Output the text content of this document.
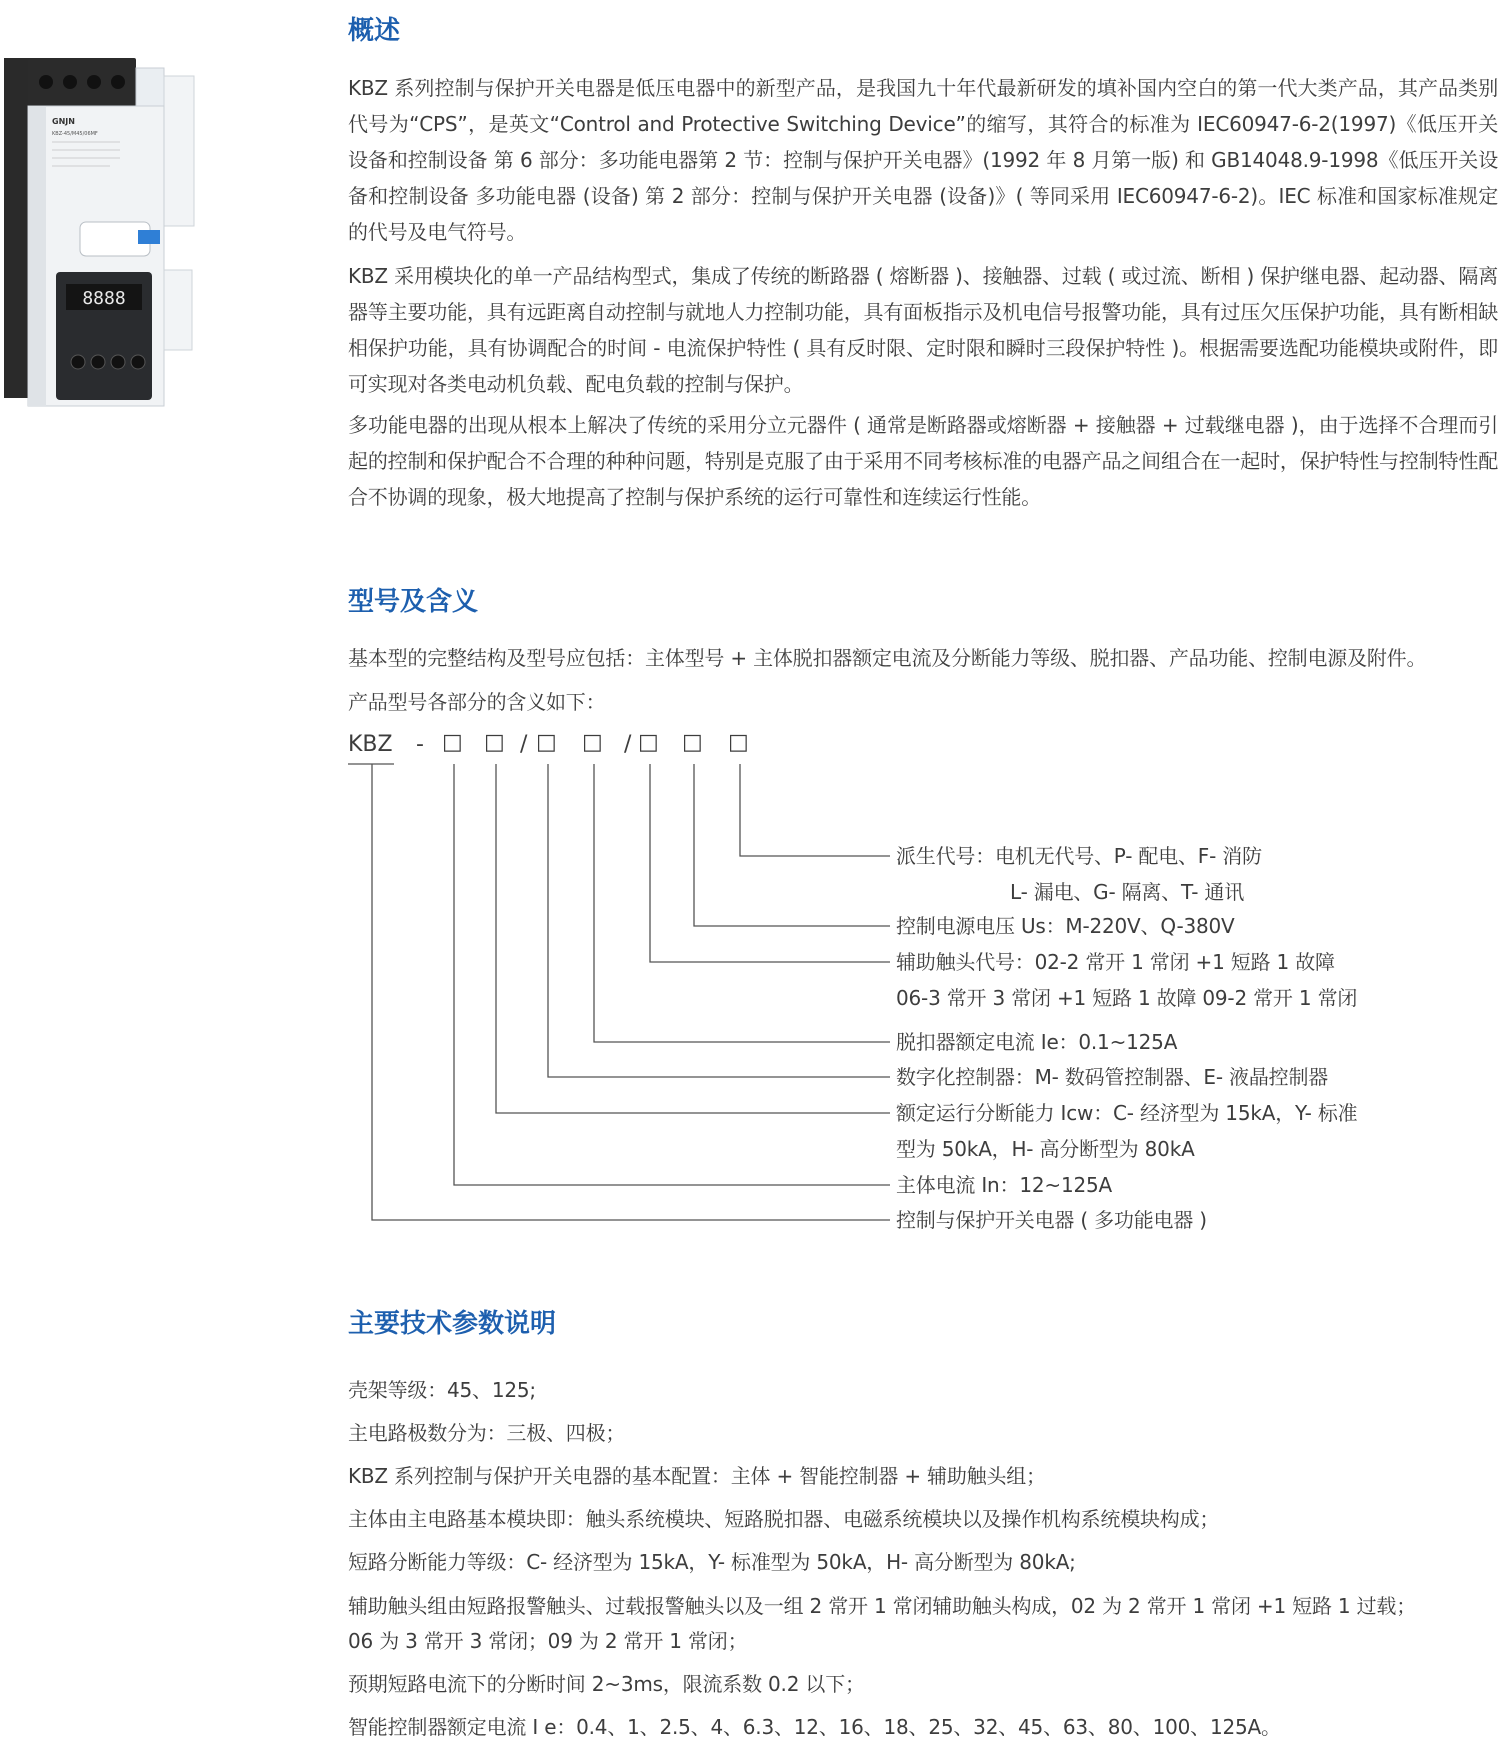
GNJN
KBZ-45/M45/06MF
8888
概述

KBZ 系列控制与保护开关电器是低压电器中的新型产品，是我国九十年代最新研发的填补国内空白的第一代大类产品，其产品类别代号为“CPS”，是英文“Control and Protective Switching Device”的缩写，其符合的标准为 IEC60947-6-2(1997)《低压开关设备和控制设备 第 6 部分：多功能电器第 2 节：控制与保护开关电器》(1992 年 8 月第一版) 和 GB14048.9-1998《低压开关设备和控制设备 多功能电器 (设备) 第 2 部分：控制与保护开关电器 (设备)》( 等同采用 IEC60947-6-2)。IEC 标准和国家标准规定的代号及电气符号。

KBZ 采用模块化的单一产品结构型式，集成了传统的断路器 ( 熔断器 )、接触器、过载 ( 或过流、断相 ) 保护继电器、起动器、隔离器等主要功能，具有远距离自动控制与就地人力控制功能，具有面板指示及机电信号报警功能，具有过压欠压保护功能，具有断相缺相保护功能，具有协调配合的时间 - 电流保护特性 ( 具有反时限、定时限和瞬时三段保护特性 )。根据需要选配功能模块或附件，即可实现对各类电动机负载、配电负载的控制与保护。

多功能电器的出现从根本上解决了传统的采用分立元器件 ( 通常是断路器或熔断器 + 接触器 + 过载继电器 )，由于选择不合理而引起的控制和保护配合不合理的种种问题，特别是克服了由于采用不同考核标准的电器产品之间组合在一起时，保护特性与控制特性配合不协调的现象，极大地提高了控制与保护系统的运行可靠性和连续运行性能。

型号及含义

基本型的完整结构及型号应包括：主体型号 + 主体脱扣器额定电流及分断能力等级、脱扣器、产品功能、控制电源及附件。

产品型号各部分的含义如下：

主要技术参数说明

壳架等级：45、125;

主电路极数分为：三极、四极；

KBZ 系列控制与保护开关电器的基本配置：主体 + 智能控制器 + 辅助触头组；

主体由主电路基本模块即：触头系统模块、短路脱扣器、电磁系统模块以及操作机构系统模块构成；

短路分断能力等级：C- 经济型为 15kA，Y- 标准型为 50kA，H- 高分断型为 80kA;

辅助触头组由短路报警触头、过载报警触头以及一组 2 常开 1 常闭辅助触头构成，02 为 2 常开 1 常闭 +1 短路 1 过载；

06 为 3 常开 3 常闭；09 为 2 常开 1 常闭；

预期短路电流下的分断时间 2~3ms，限流系数 0.2 以下；

智能控制器额定电流 I e：0.4、1、2.5、4、6.3、12、16、18、25、32、45、63、80、100、125A。

KBZ - □ □ / □ □ / □ □ □
派生代号：电机无代号、P- 配电、F- 消防
L- 漏电、G- 隔离、T- 通讯
控制电源电压 Us：M-220V、Q-380V
辅助触头代号：02-2 常开 1 常闭 +1 短路 1 故障
06-3 常开 3 常闭 +1 短路 1 故障 09-2 常开 1 常闭
脱扣器额定电流 Ie：0.1~125A
数字化控制器：M- 数码管控制器、E- 液晶控制器
额定运行分断能力 Icw：C- 经济型为 15kA，Y- 标准
型为 50kA，H- 高分断型为 80kA
主体电流 In：12~125A
控制与保护开关电器 ( 多功能电器 )
